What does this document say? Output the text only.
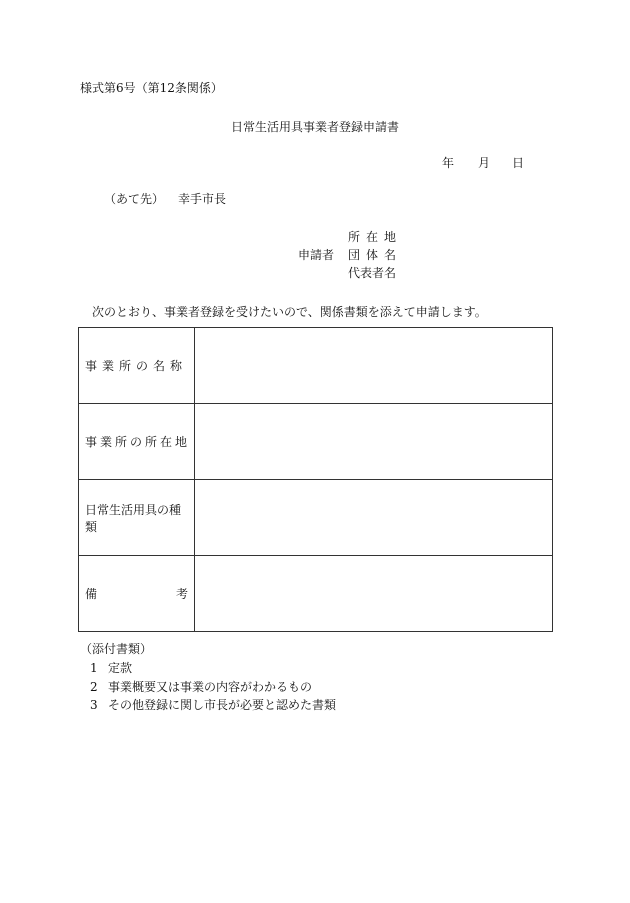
様式第6号（第12条関係）
日常生活用具事業者登録申請書
年 月 日
（あて先） 幸手市長
申請者
所在地
団体名
代表者名
次のとおり、事業者登録を受けたいので、関係書類を添えて申請します。
事業所の名称	
事業所の所在地	
日常生活用具の種類	

備 考	

（添付書類）
1 定款
2 事業概要又は事業の内容がわかるもの
3 その他登録に関し市長が必要と認めた書類
